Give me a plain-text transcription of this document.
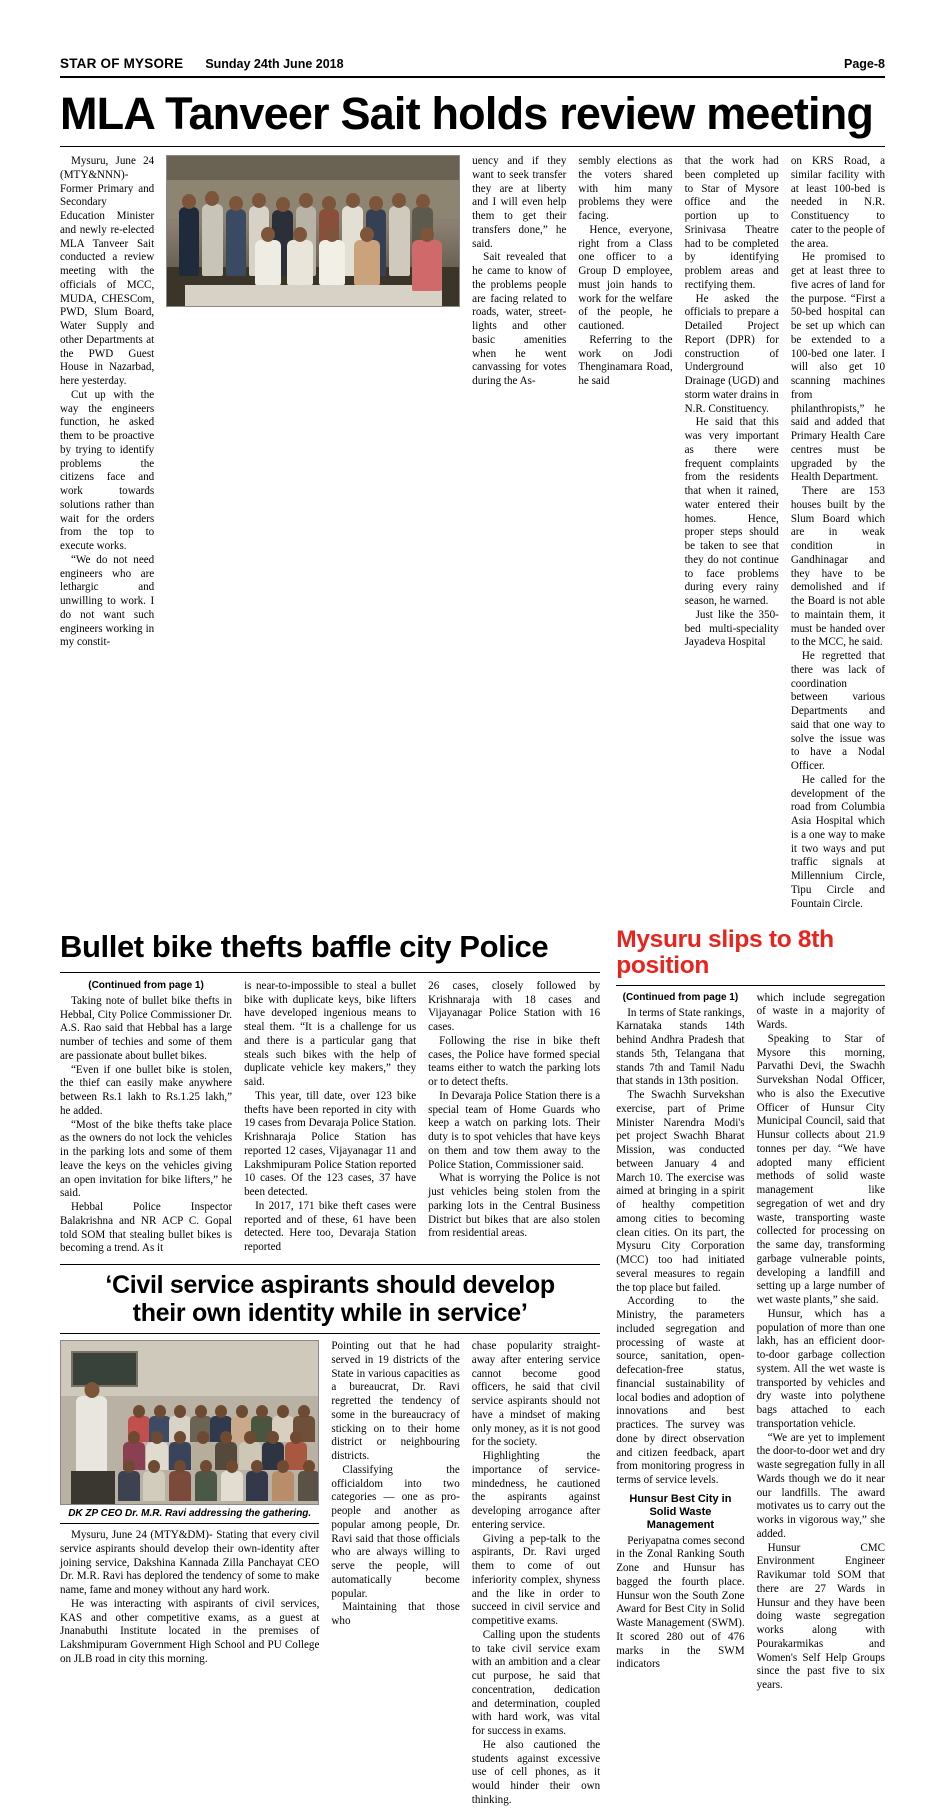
STAR OF MYSORE Sunday 24th June 2018	Page-8
MLA Tanveer Sait holds review meeting

Mysuru, June 24 (MTY&NNN)- Former Primary and Secondary Education Minister and newly re-elected MLA Tanveer Sait conducted a review meeting with the officials of MCC, MUDA, CHESCom, PWD, Slum Board, Water Supply and other Departments at the PWD Guest House in Nazarbad, here yesterday.

Cut up with the way the engineers function, he asked them to be proactive by trying to identify problems the citizens face and work towards solutions rather than wait for the orders from the top to execute works.

“We do not need engineers who are lethargic and unwilling to work. I do not want such engineers working in my constit-

uency and if they want to seek transfer they are at liberty and I will even help them to get their transfers done,” he said.

Sait revealed that he came to know of the problems people are facing related to roads, water, street-lights and other basic amenities when he went canvassing for votes during the As-

sembly elections as the voters shared with him many problems they were facing.

Hence, everyone, right from a Class one officer to a Group D employee, must join hands to work for the welfare of the people, he cautioned.

Referring to the work on Jodi Thenginamara Road, he said

that the work had been completed up to Star of Mysore office and the portion up to Srinivasa Theatre had to be completed by identifying problem areas and rectifying them.

He asked the officials to prepare a Detailed Project Report (DPR) for construction of Underground Drainage (UGD) and storm water drains in N.R. Constituency.

He said that this was very important as there were frequent complaints from the residents that when it rained, water entered their homes. Hence, proper steps should be taken to see that they do not continue to face problems during every rainy season, he warned.

Just like the 350-bed multi-speciality Jayadeva Hospital

on KRS Road, a similar facility with at least 100-bed is needed in N.R. Constituency to cater to the people of the area.

He promised to get at least three to five acres of land for the purpose. “First a 50-bed hospital can be set up which can be extended to a 100-bed one later. I will also get 10 scanning machines from philanthropists,” he said and added that Primary Health Care centres must be upgraded by the Health Department.

There are 153 houses built by the Slum Board which are in weak condition in Gandhinagar and they have to be demolished and if the Board is not able to maintain them, it must be handed over to the MCC, he said.

He regretted that there was lack of coordination between various Departments and said that one way to solve the issue was to have a Nodal Officer.

He called for the development of the road from Columbia Asia Hospital which is a one way to make it two ways and put traffic signals at Millennium Circle, Tipu Circle and Fountain Circle.

Bullet bike thefts baffle city Police
(Continued from page 1)

Taking note of bullet bike thefts in Hebbal, City Police Commissioner Dr. A.S. Rao said that Hebbal has a large number of techies and some of them are passionate about bullet bikes.

“Even if one bullet bike is stolen, the thief can easily make anywhere between Rs.1 lakh to Rs.1.25 lakh,” he added.

“Most of the bike thefts take place as the owners do not lock the vehicles in the parking lots and some of them leave the keys on the vehicles giving an open invitation for bike lifters,” he said.

Hebbal Police Inspector Balakrishna and NR ACP C. Gopal told SOM that stealing bullet bikes is becoming a trend. As it

is near-to-impossible to steal a bullet bike with duplicate keys, bike lifters have developed ingenious means to steal them. “It is a challenge for us and there is a particular gang that steals such bikes with the help of duplicate vehicle key makers,” they said.

This year, till date, over 123 bike thefts have been reported in city with 19 cases from Devaraja Police Station. Krishnaraja Police Station has reported 12 cases, Vijayanagar 11 and Lakshmipuram Police Station reported 10 cases. Of the 123 cases, 37 have been detected.

In 2017, 171 bike theft cases were reported and of these, 61 have been detected. Here too, Devaraja Station reported

26 cases, closely followed by Krishnaraja with 18 cases and Vijayanagar Police Station with 16 cases.

Following the rise in bike theft cases, the Police have formed special teams either to watch the parking lots or to detect thefts.

In Devaraja Police Station there is a special team of Home Guards who keep a watch on parking lots. Their duty is to spot vehicles that have keys on them and tow them away to the Police Station, Commissioner said.

What is worrying the Police is not just vehicles being stolen from the parking lots in the Central Business District but bikes that are also stolen from residential areas.

‘Civil service aspirants should develop
their own identity while in service’
DK ZP CEO Dr. M.R. Ravi addressing the gathering.

Mysuru, June 24 (MTY&DM)- Stating that every civil service aspirants should develop their own-identity after joining service, Dakshina Kannada Zilla Panchayat CEO Dr. M.R. Ravi has deplored the tendency of some to make name, fame and money without any hard work.

He was interacting with aspirants of civil services, KAS and other competitive exams, as a guest at Jnanabuthi Institute located in the premises of Lakshmipuram Government High School and PU College on JLB road in city this morning.

Pointing out that he had served in 19 districts of the State in various capacities as a bureaucrat, Dr. Ravi regretted the tendency of some in the bureaucracy of sticking on to their home district or neighbouring districts.

Classifying the officialdom into two categories — one as pro-people and another as popular among people, Dr. Ravi said that those officials who are always willing to serve the people, will automatically become popular.

Maintaining that those who

chase popularity straight-away after entering service cannot become good officers, he said that civil service aspirants should not have a mindset of making only money, as it is not good for the society.

Highlighting the importance of service-mindedness, he cautioned the aspirants against developing arrogance after entering service.

Giving a pep-talk to the aspirants, Dr. Ravi urged them to come of out inferiority complex, shyness and the like in order to succeed in civil service and competitive exams.

Calling upon the students to take civil service exam with an ambition and a clear cut purpose, he said that concentration, dedication and determination, coupled with hard work, was vital for success in exams.

He also cautioned the students against excessive use of cell phones, as it would hinder their own thinking.

Mysuru slips to 8th position
(Continued from page 1)

In terms of State rankings, Karnataka stands 14th behind Andhra Pradesh that stands 5th, Telangana that stands 7th and Tamil Nadu that stands in 13th position.

The Swachh Survekshan exercise, part of Prime Minister Narendra Modi's pet project Swachh Bharat Mission, was conducted between January 4 and March 10. The exercise was aimed at bringing in a spirit of healthy competition among cities to becoming clean cities. On its part, the Mysuru City Corporation (MCC) too had initiated several measures to regain the top place but failed.

According to the Ministry, the parameters included segregation and processing of waste at source, sanitation, open-defecation-free status, financial sustainability of local bodies and adoption of innovations and best practices. The survey was done by direct observation and citizen feedback, apart from monitoring progress in terms of service levels.

Hunsur Best City in Solid Waste Management

Periyapatna comes second in the Zonal Ranking South Zone and Hunsur has bagged the fourth place. Hunsur won the South Zone Award for Best City in Solid Waste Management (SWM). It scored 280 out of 476 marks in the SWM indicators

which include segregation of waste in a majority of Wards.

Speaking to Star of Mysore this morning, Parvathi Devi, the Swachh Survekshan Nodal Officer, who is also the Executive Officer of Hunsur City Municipal Council, said that Hunsur collects about 21.9 tonnes per day. “We have adopted many efficient methods of solid waste management like segregation of wet and dry waste, transporting waste collected for processing on the same day, transforming garbage vulnerable points, developing a landfill and setting up a large number of wet waste plants,” she said.

Hunsur, which has a population of more than one lakh, has an efficient door-to-door garbage collection system. All the wet waste is transported by vehicles and dry waste into polythene bags attached to each transportation vehicle.

“We are yet to implement the door-to-door wet and dry waste segregation fully in all Wards though we do it near our landfills. The award motivates us to carry out the works in vigorous way,” she added.

Hunsur CMC Environment Engineer Ravikumar told SOM that there are 27 Wards in Hunsur and they have been doing waste segregation works along with Pourakarmikas and Women's Self Help Groups since the past five to six years.
